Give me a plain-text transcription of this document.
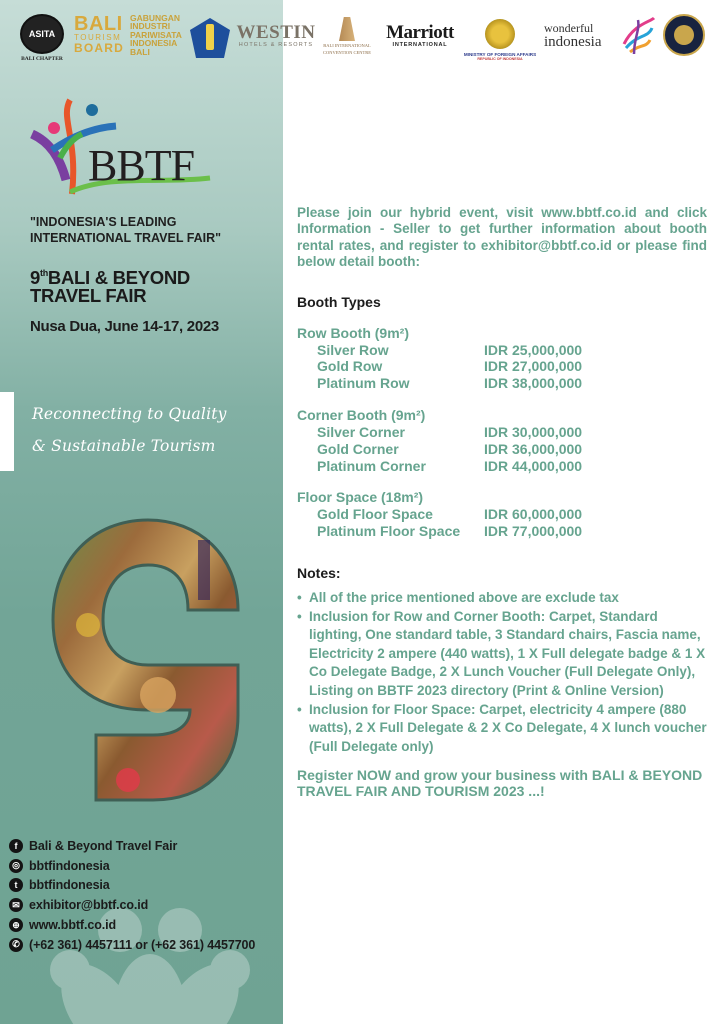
ASITA
BALI CHAPTER
BALI
TOURISM
BOARD
GABUNGAN
INDUSTRI
PARIWISATA
INDONESIA
BALI
WESTIN
HOTELS & RESORTS BALI INTERNATIONAL
CONVENTION CENTRE
Marriott
INTERNATIONAL
MINISTRY OF FOREIGN AFFAIRS
REPUBLIC OF INDONESIA
wonderful
indonesia
BBTF
"INDONESIA'S LEADING
INTERNATIONAL TRAVEL FAIR"
9thBALI & BEYOND
TRAVEL FAIR
Nusa Dua, June 14-17, 2023
Reconnecting to Quality
& Sustainable Tourism
f Bali & Beyond Travel Fair
◎ bbtfindonesia
t bbtfindonesia
✉ exhibitor@bbtf.co.id
⊕ www.bbtf.co.id
✆ (+62 361) 4457111 or (+62 361) 4457700

Please join our hybrid event, visit www.bbtf.co.id and click Information - Seller to get further information about booth rental rates, and register to exhibitor@bbtf.co.id or please find below detail booth:

Booth Types
Row Booth (9m²)
Silver Row	IDR 25,000,000
Gold Row	IDR 27,000,000
Platinum Row	IDR 38,000,000
Corner Booth (9m²)
Silver Corner	IDR 30,000,000
Gold Corner	IDR 36,000,000
Platinum Corner	IDR 44,000,000
Floor Space (18m²)
Gold Floor Space	IDR 60,000,000
Platinum Floor Space	IDR 77,000,000
Notes:
• All of the price mentioned above are exclude tax
• Inclusion for Row and Corner Booth: Carpet, Standard lighting, One standard table, 3 Standard chairs, Fascia name, Electricity 2 ampere (440 watts), 1 X Full delegate badge & 1 X Co Delegate Badge, 2 X Lunch Voucher (Full Delegate Only), Listing on BBTF 2023 directory (Print & Online Version)
• Inclusion for Floor Space: Carpet, electricity 4 ampere (880 watts), 2 X Full Delegate & 2 X Co Delegate, 4 X lunch voucher (Full Delegate only)

Register NOW and grow your business with BALI & BEYOND TRAVEL FAIR AND TOURISM 2023 ...!
